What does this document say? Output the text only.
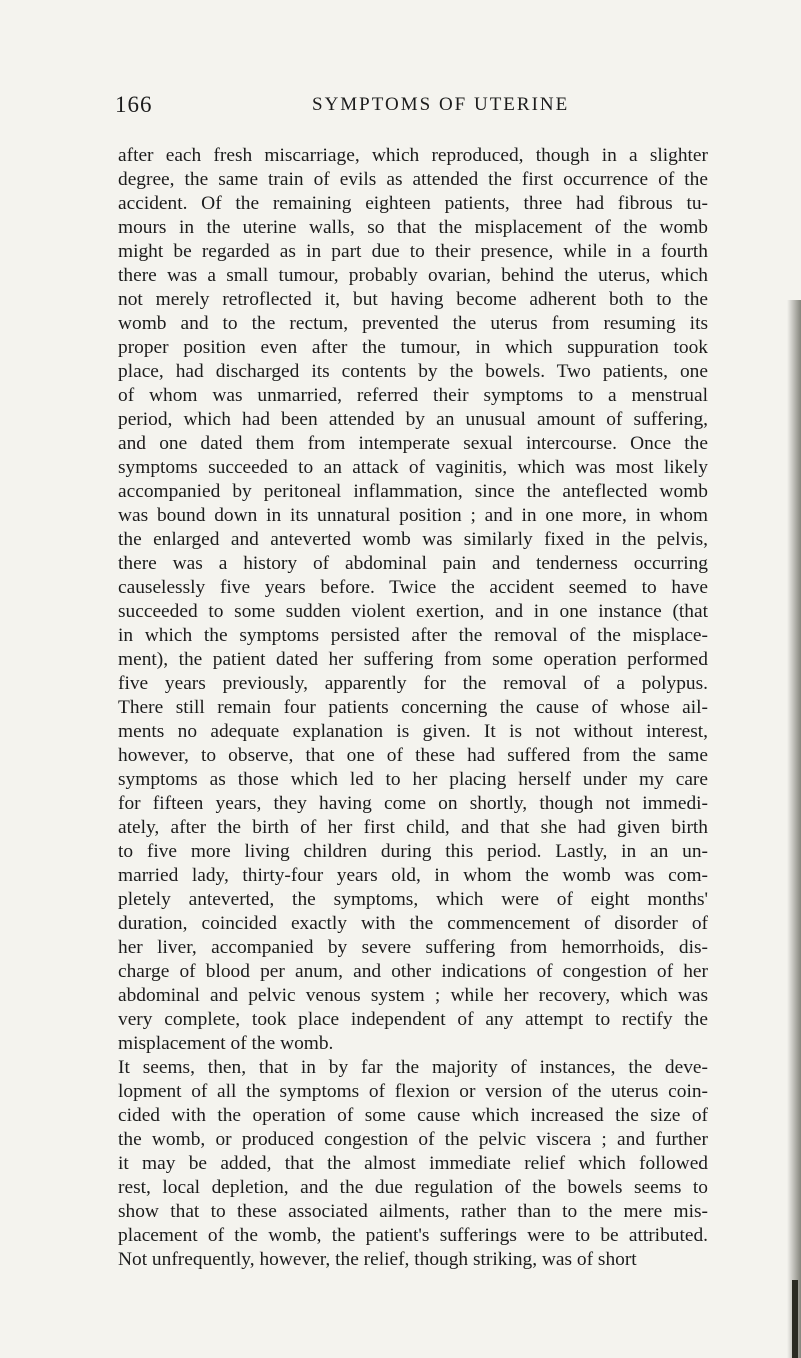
166	SYMPTOMS OF UTERINE
after each fresh miscarriage, which reproduced, though in a slighter
degree, the same train of evils as attended the first occurrence of the
accident. Of the remaining eighteen patients, three had fibrous tu-
mours in the uterine walls, so that the misplacement of the womb
might be regarded as in part due to their presence, while in a fourth
there was a small tumour, probably ovarian, behind the uterus, which
not merely retroflected it, but having become adherent both to the
womb and to the rectum, prevented the uterus from resuming its
proper position even after the tumour, in which suppuration took
place, had discharged its contents by the bowels. Two patients, one
of whom was unmarried, referred their symptoms to a menstrual
period, which had been attended by an unusual amount of suffering,
and one dated them from intemperate sexual intercourse. Once the
symptoms succeeded to an attack of vaginitis, which was most likely
accompanied by peritoneal inflammation, since the anteflected womb
was bound down in its unnatural position ; and in one more, in whom
the enlarged and anteverted womb was similarly fixed in the pelvis,
there was a history of abdominal pain and tenderness occurring
causelessly five years before. Twice the accident seemed to have
succeeded to some sudden violent exertion, and in one instance (that
in which the symptoms persisted after the removal of the misplace-
ment), the patient dated her suffering from some operation performed
five years previously, apparently for the removal of a polypus.
There still remain four patients concerning the cause of whose ail-
ments no adequate explanation is given. It is not without interest,
however, to observe, that one of these had suffered from the same
symptoms as those which led to her placing herself under my care
for fifteen years, they having come on shortly, though not immedi-
ately, after the birth of her first child, and that she had given birth
to five more living children during this period. Lastly, in an un-
married lady, thirty-four years old, in whom the womb was com-
pletely anteverted, the symptoms, which were of eight months'
duration, coincided exactly with the commencement of disorder of
her liver, accompanied by severe suffering from hemorrhoids, dis-
charge of blood per anum, and other indications of congestion of her
abdominal and pelvic venous system ; while her recovery, which was
very complete, took place independent of any attempt to rectify the
misplacement of the womb.
It seems, then, that in by far the majority of instances, the deve-
lopment of all the symptoms of flexion or version of the uterus coin-
cided with the operation of some cause which increased the size of
the womb, or produced congestion of the pelvic viscera ; and further
it may be added, that the almost immediate relief which followed
rest, local depletion, and the due regulation of the bowels seems to
show that to these associated ailments, rather than to the mere mis-
placement of the womb, the patient's sufferings were to be attributed.
Not unfrequently, however, the relief, though striking, was of short
